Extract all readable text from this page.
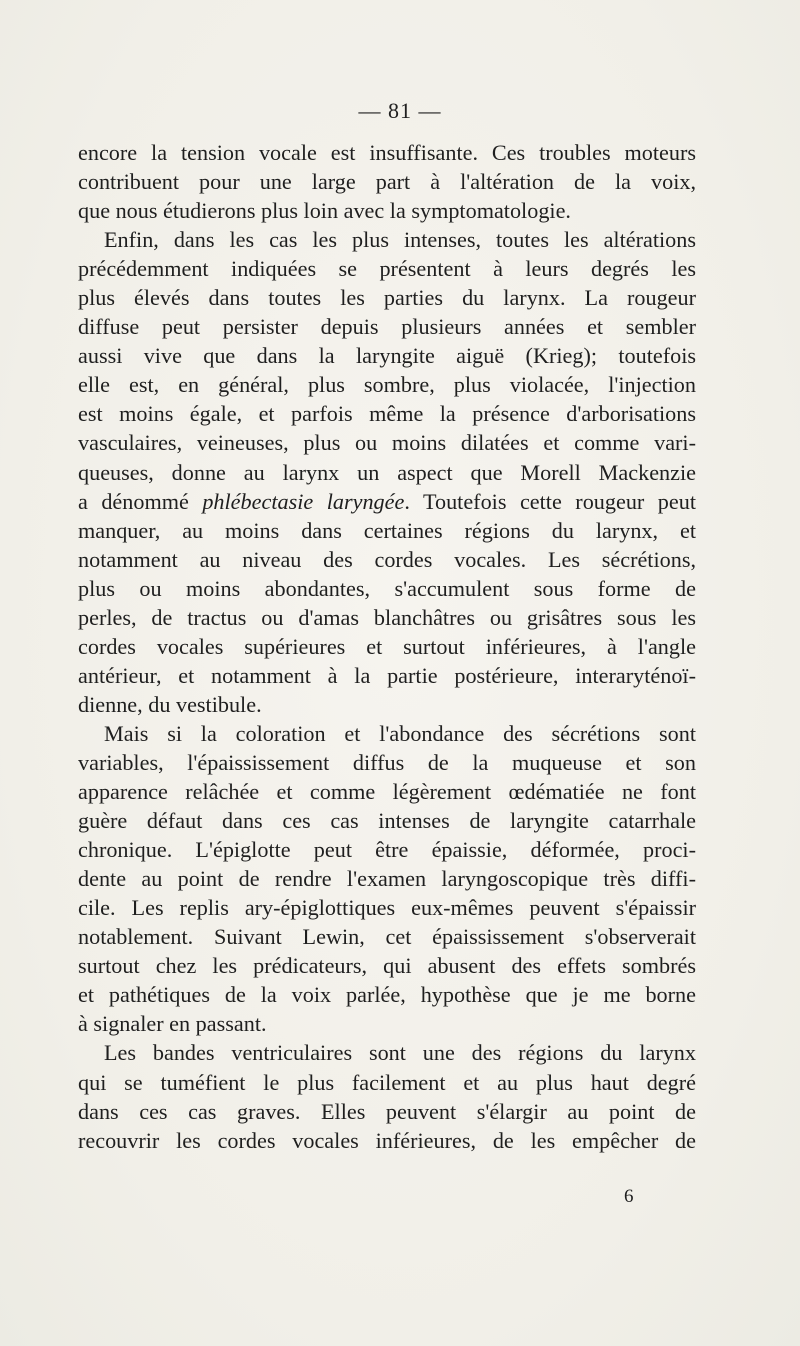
— 81 —
encore la tension vocale est insuffisante. Ces troubles moteurs
contribuent pour une large part à l'altération de la voix,
que nous étudierons plus loin avec la symptomatologie.
Enfin, dans les cas les plus intenses, toutes les altérations
précédemment indiquées se présentent à leurs degrés les
plus élevés dans toutes les parties du larynx. La rougeur
diffuse peut persister depuis plusieurs années et sembler
aussi vive que dans la laryngite aiguë (Krieg); toutefois
elle est, en général, plus sombre, plus violacée, l'injection
est moins égale, et parfois même la présence d'arborisations
vasculaires, veineuses, plus ou moins dilatées et comme vari-
queuses, donne au larynx un aspect que Morell Mackenzie
a dénommé phlébectasie laryngée. Toutefois cette rougeur peut
manquer, au moins dans certaines régions du larynx, et
notamment au niveau des cordes vocales. Les sécrétions,
plus ou moins abondantes, s'accumulent sous forme de
perles, de tractus ou d'amas blanchâtres ou grisâtres sous les
cordes vocales supérieures et surtout inférieures, à l'angle
antérieur, et notamment à la partie postérieure, interaryténoï-
dienne, du vestibule.
Mais si la coloration et l'abondance des sécrétions sont
variables, l'épaississement diffus de la muqueuse et son
apparence relâchée et comme légèrement œdématiée ne font
guère défaut dans ces cas intenses de laryngite catarrhale
chronique. L'épiglotte peut être épaissie, déformée, proci-
dente au point de rendre l'examen laryngoscopique très diffi-
cile. Les replis ary-épiglottiques eux-mêmes peuvent s'épaissir
notablement. Suivant Lewin, cet épaississement s'observerait
surtout chez les prédicateurs, qui abusent des effets sombrés
et pathétiques de la voix parlée, hypothèse que je me borne
à signaler en passant.
Les bandes ventriculaires sont une des régions du larynx
qui se tuméfient le plus facilement et au plus haut degré
dans ces cas graves. Elles peuvent s'élargir au point de
recouvrir les cordes vocales inférieures, de les empêcher de
6
